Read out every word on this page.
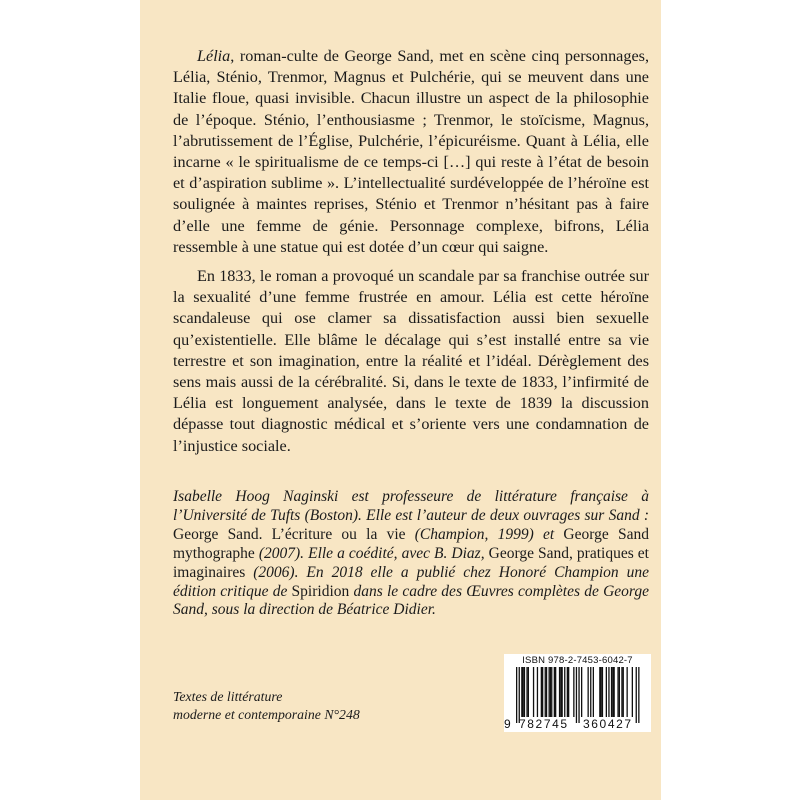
Lélia, roman-culte de George Sand, met en scène cinq personnages, Lélia, Sténio, Trenmor, Magnus et Pulchérie, qui se meuvent dans une Italie floue, quasi invisible. Chacun illustre un aspect de la philosophie de l’époque. Sténio, l’enthousiasme ; Trenmor, le stoïcisme, Magnus, l’abrutissement de l’Église, Pulchérie, l’épicuréisme. Quant à Lélia, elle incarne « le spiritualisme de ce temps-ci […] qui reste à l’état de besoin et d’aspiration sublime ». L’intellectualité surdéveloppée de l’héroïne est soulignée à maintes reprises, Sténio et Trenmor n’hésitant pas à faire d’elle une femme de génie. Personnage complexe, bifrons, Lélia ressemble à une statue qui est dotée d’un cœur qui saigne.

En 1833, le roman a provoqué un scandale par sa franchise outrée sur la sexualité d’une femme frustrée en amour. Lélia est cette héroïne scandaleuse qui ose clamer sa dissatisfaction aussi bien sexuelle qu’existentielle. Elle blâme le décalage qui s’est installé entre sa vie terrestre et son imagination, entre la réalité et l’idéal. Dérèglement des sens mais aussi de la cérébralité. Si, dans le texte de 1833, l’infirmité de Lélia est longuement analysée, dans le texte de 1839 la discussion dépasse tout diagnostic médical et s’oriente vers une condamnation de l’injustice sociale.

Isabelle Hoog Naginski est professeure de littérature française à l’Université de Tufts (Boston). Elle est l’auteur de deux ouvrages sur Sand : George Sand. L’écriture ou la vie (Champion, 1999) et George Sand mythographe (2007). Elle a coédité, avec B. Diaz, George Sand, pratiques et imaginaires (2006). En 2018 elle a publié chez Honoré Champion une édition critique de Spiridion dans le cadre des Œuvres complètes de George Sand, sous la direction de Béatrice Didier.

Textes de littérature
moderne et contemporaine N°248
ISBN 978-2-7453-6042-7
9 782745 360427
